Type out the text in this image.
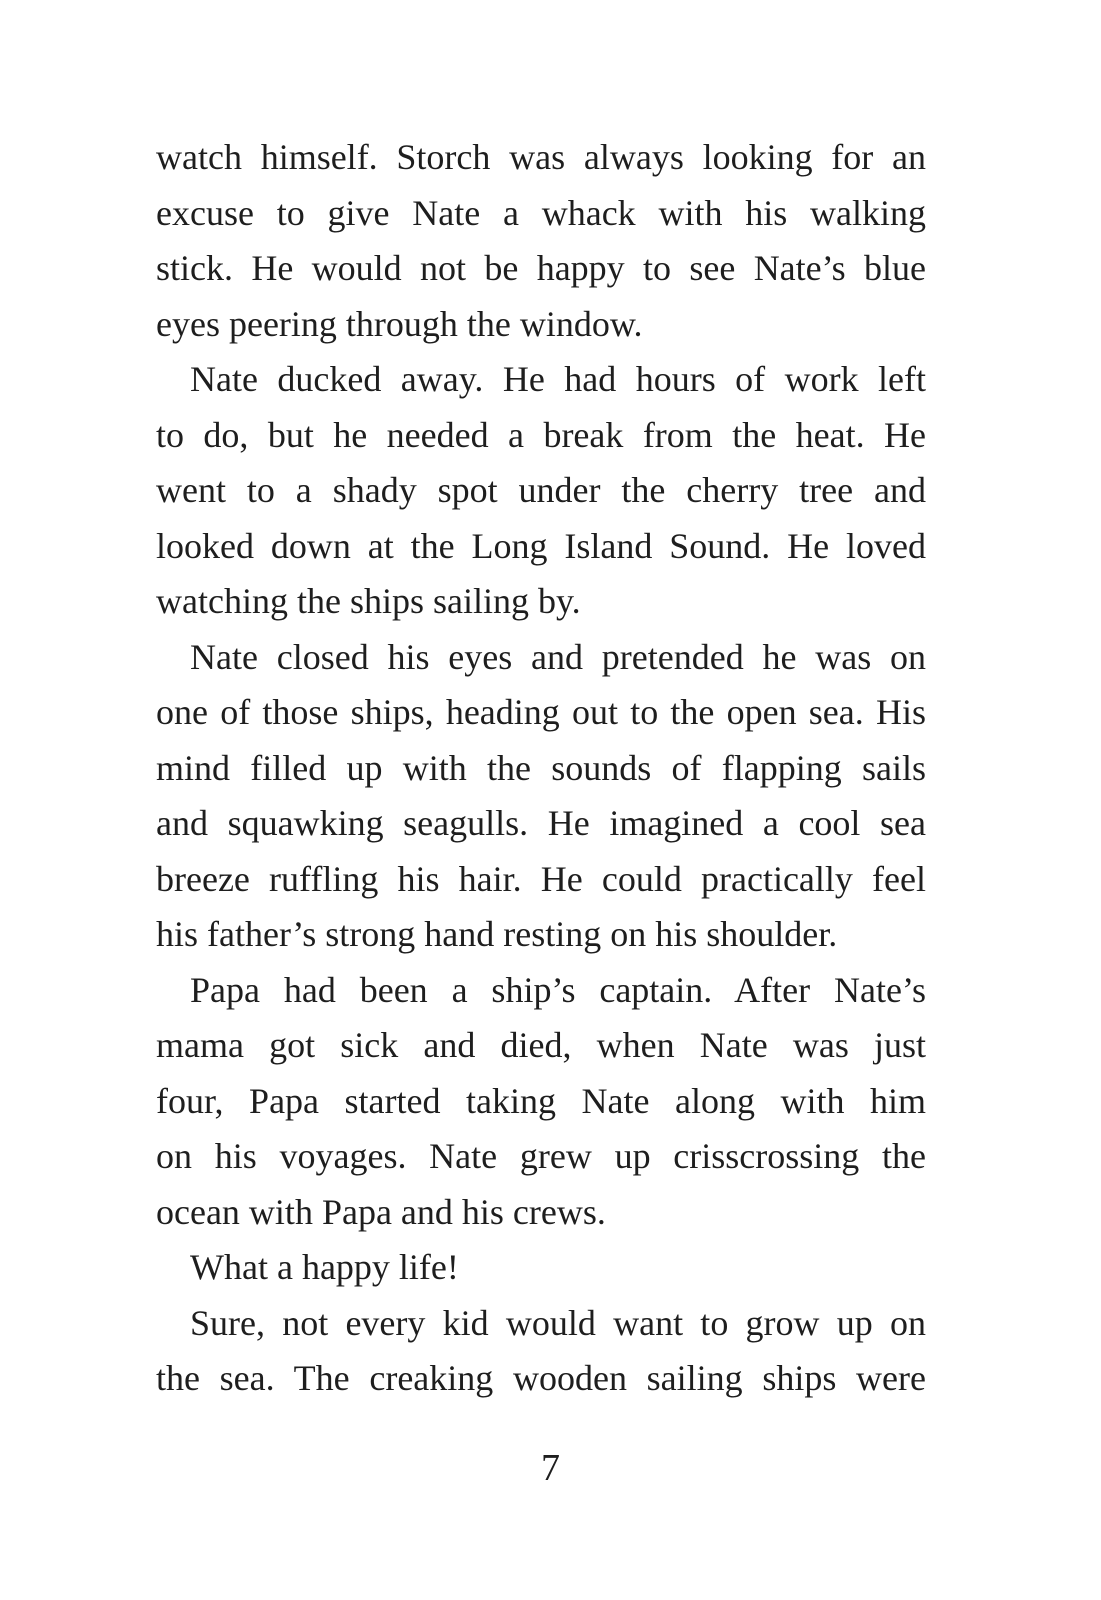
watch himself. Storch was always looking for an
excuse to give Nate a whack with his walking
stick. He would not be happy to see Nate’s blue
eyes peering through the window.
Nate ducked away. He had hours of work left
to do, but he needed a break from the heat. He
went to a shady spot under the cherry tree and
looked down at the Long Island Sound. He loved
watching the ships sailing by.
Nate closed his eyes and pretended he was on
one of those ships, heading out to the open sea. His
mind filled up with the sounds of flapping sails
and squawking seagulls. He imagined a cool sea
breeze ruffling his hair. He could practically feel
his father’s strong hand resting on his shoulder.
Papa had been a ship’s captain. After Nate’s
mama got sick and died, when Nate was just
four, Papa started taking Nate along with him
on his voyages. Nate grew up crisscrossing the
ocean with Papa and his crews.
What a happy life!
Sure, not every kid would want to grow up on
the sea. The creaking wooden sailing ships were
7
